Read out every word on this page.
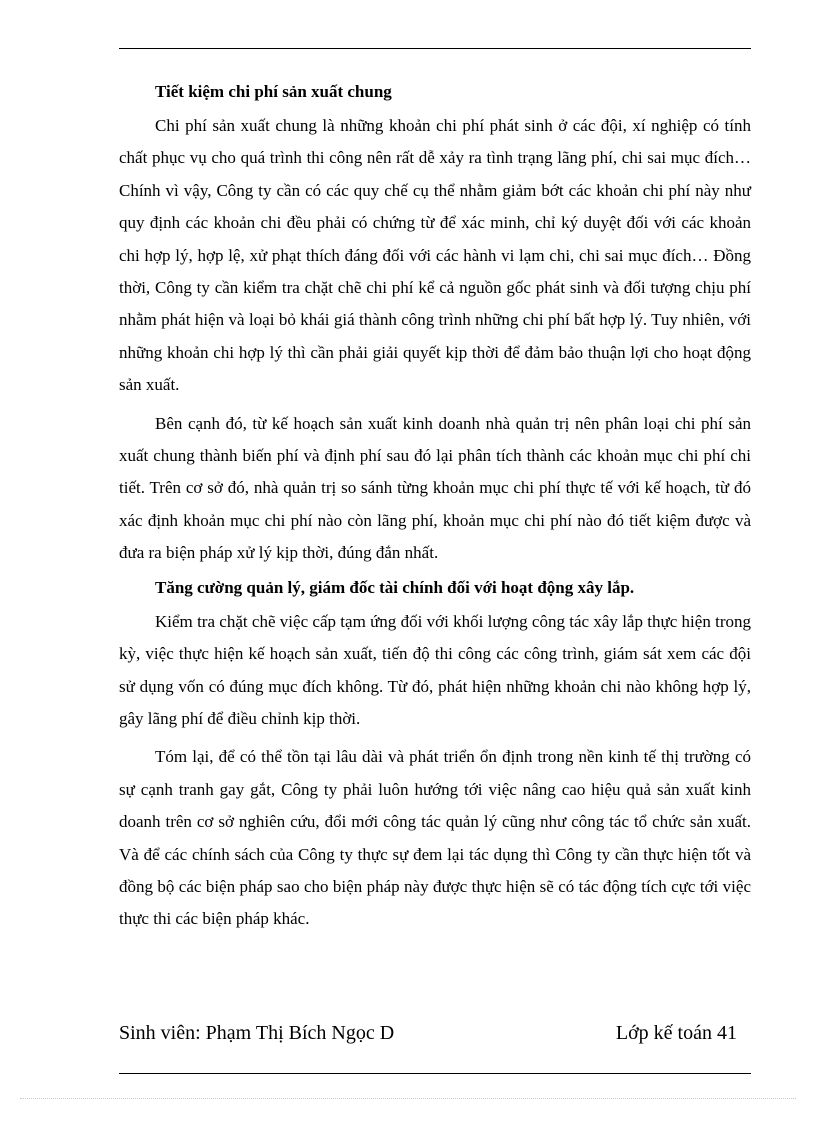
Tiết kiệm chi phí sản xuất chung

Chi phí sản xuất chung là những khoản chi phí phát sinh ở các đội, xí nghiệp có tính chất phục vụ cho quá trình thi công nên rất dễ xảy ra tình trạng lãng phí, chi sai mục đích…Chính vì vậy, Công ty cần có các quy chế cụ thể nhằm giảm bớt các khoản chi phí này như quy định các khoản chi đều phải có chứng từ để xác minh, chỉ ký duyệt đối với các khoản chi hợp lý, hợp lệ, xử phạt thích đáng đối với các hành vi lạm chi, chi sai mục đích… Đồng thời, Công ty cần kiểm tra chặt chẽ chi phí kể cả nguồn gốc phát sinh và đối tượng chịu phí nhằm phát hiện và loại bỏ khái giá thành công trình những chi phí bất hợp lý. Tuy nhiên, với những khoản chi hợp lý thì cần phải giải quyết kịp thời để đảm bảo thuận lợi cho hoạt động sản xuất.

Bên cạnh đó, từ kế hoạch sản xuất kinh doanh nhà quản trị nên phân loại chi phí sản xuất chung thành biến phí và định phí sau đó lại phân tích thành các khoản mục chi phí chi tiết. Trên cơ sở đó, nhà quản trị so sánh từng khoản mục chi phí thực tế với kế hoạch, từ đó xác định khoản mục chi phí nào còn lãng phí, khoản mục chi phí nào đó tiết kiệm được và đưa ra biện pháp xử lý kịp thời, đúng đắn nhất.

Tăng cường quản lý, giám đốc tài chính đối với hoạt động xây lắp.

Kiểm tra chặt chẽ việc cấp tạm ứng đối với khối lượng công tác xây lắp thực hiện trong kỳ, việc thực hiện kế hoạch sản xuất, tiến độ thi công các công trình, giám sát xem các đội sử dụng vốn có đúng mục đích không. Từ đó, phát hiện những khoản chi nào không hợp lý, gây lãng phí để điều chỉnh kịp thời.

Tóm lại, để có thể tồn tại lâu dài và phát triển ổn định trong nền kinh tế thị trường có sự cạnh tranh gay gắt, Công ty phải luôn hướng tới việc nâng cao hiệu quả sản xuất kinh doanh trên cơ sở nghiên cứu, đổi mới công tác quản lý cũng như công tác tổ chức sản xuất. Và để các chính sách của Công ty thực sự đem lại tác dụng thì Công ty cần thực hiện tốt và đồng bộ các biện pháp sao cho biện pháp này được thực hiện sẽ có tác động tích cực tới việc thực thi các biện pháp khác.

Sinh viên: Phạm Thị Bích Ngọc D	Lớp kế toán 41
